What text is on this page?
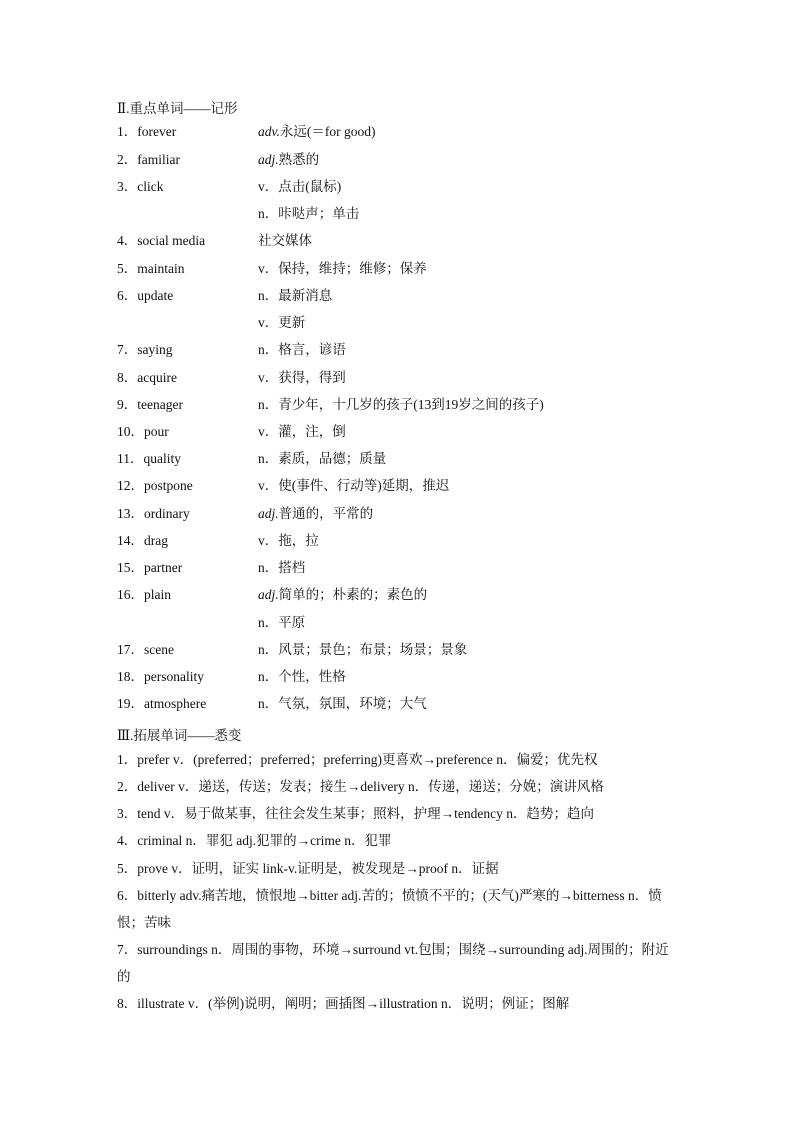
Ⅱ.重点单词——记形
1．forever	adv.永远(＝for good)
2．familiar	adj.熟悉的
3．click	v．点击(鼠标)
n．咔哒声；单击
4．social media	社交媒体
5．maintain	v．保持，维持；维修；保养
6．update	n．最新消息
v．更新
7．saying	n．格言，谚语
8．acquire	v．获得，得到
9．teenager	n．青少年，十几岁的孩子(13到19岁之间的孩子)
10．pour	v．灌，注，倒
11．quality	n．素质，品德；质量
12．postpone	v．使(事件、行动等)延期，推迟
13．ordinary	adj.普通的，平常的
14．drag	v．拖，拉
15．partner	n．搭档
16．plain	adj.简单的；朴素的；素色的
n．平原
17．scene	n．风景；景色；布景；场景；景象
18．personality	n．个性，性格
19．atmosphere	n．气氛，氛围，环境；大气
Ⅲ.拓展单词——悉变
1．prefer v．(preferred；preferred；preferring)更喜欢→preference n．偏爱；优先权
2．deliver v．递送，传送；发表；接生→delivery n．传递，递送；分娩；演讲风格
3．tend v．易于做某事，往往会发生某事；照料，护理→tendency n．趋势；趋向
4．criminal n．罪犯 adj.犯罪的→crime n．犯罪
5．prove v．证明，证实 link-v.证明是，被发现是→proof n．证据
6．bitterly adv.痛苦地，愤恨地→bitter adj.苦的；愤愤不平的；(天气)严寒的→bitterness n．愤恨；苦味
7．surroundings n．周围的事物，环境→surround vt.包围；围绕→surrounding adj.周围的；附近的
8．illustrate v．(举例)说明，阐明；画插图→illustration n．说明；例证；图解
